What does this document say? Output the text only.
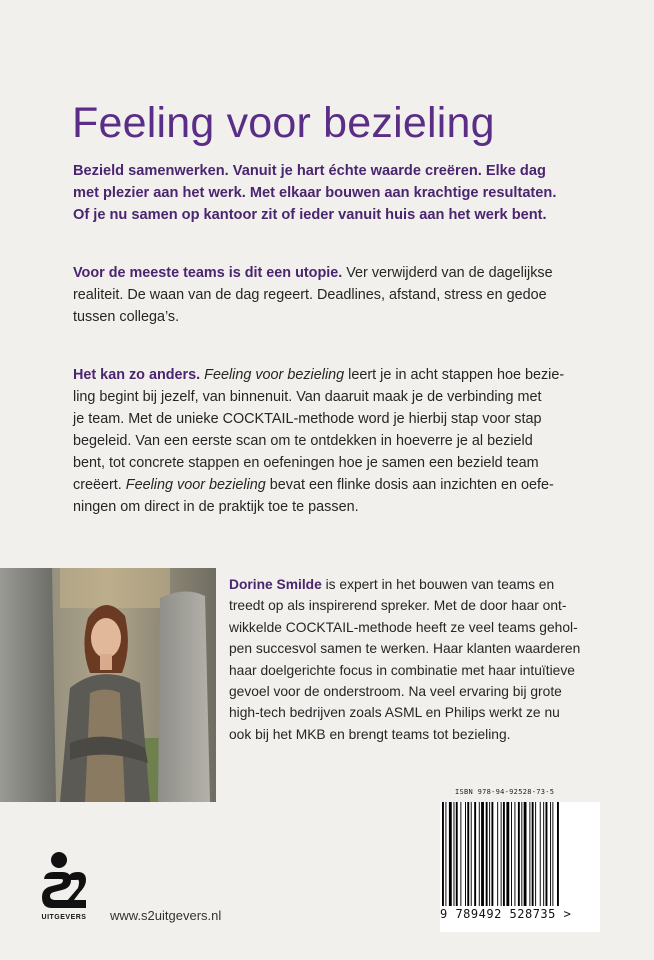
Feeling voor bezieling
Bezield samenwerken. Vanuit je hart échte waarde creëren. Elke dag
met plezier aan het werk. Met elkaar bouwen aan krachtige resultaten.
Of je nu samen op kantoor zit of ieder vanuit huis aan het werk bent.
Voor de meeste teams is dit een utopie. Ver verwijderd van de dagelijkse
realiteit. De waan van de dag regeert. Deadlines, afstand, stress en gedoe
tussen collega’s.
Het kan zo anders. Feeling voor bezieling leert je in acht stappen hoe bezie-
ling begint bij jezelf, van binnenuit. Van daaruit maak je de verbinding met
je team. Met de unieke COCKTAIL-methode word je hierbij stap voor stap
begeleid. Van een eerste scan om te ontdekken in hoeverre je al bezield
bent, tot concrete stappen en oefeningen hoe je samen een bezield team
creëert. Feeling voor bezieling bevat een flinke dosis aan inzichten en oefe-
ningen om direct in de praktijk toe te passen.
Dorine Smilde is expert in het bouwen van teams en
treedt op als inspirerend spreker. Met de door haar ont-
wikkelde COCKTAIL-methode heeft ze veel teams gehol-
pen succesvol samen te werken. Haar klanten waarderen
haar doelgerichte focus in combinatie met haar intuïtieve
gevoel voor de onderstroom. Na veel ervaring bij grote
high-tech bedrijven zoals ASML en Philips werkt ze nu
ook bij het MKB en brengt teams tot bezieling.
ISBN 978-94-92528-73-5
9 789492 528735 >
UITGEVERS www.s2uitgevers.nl
